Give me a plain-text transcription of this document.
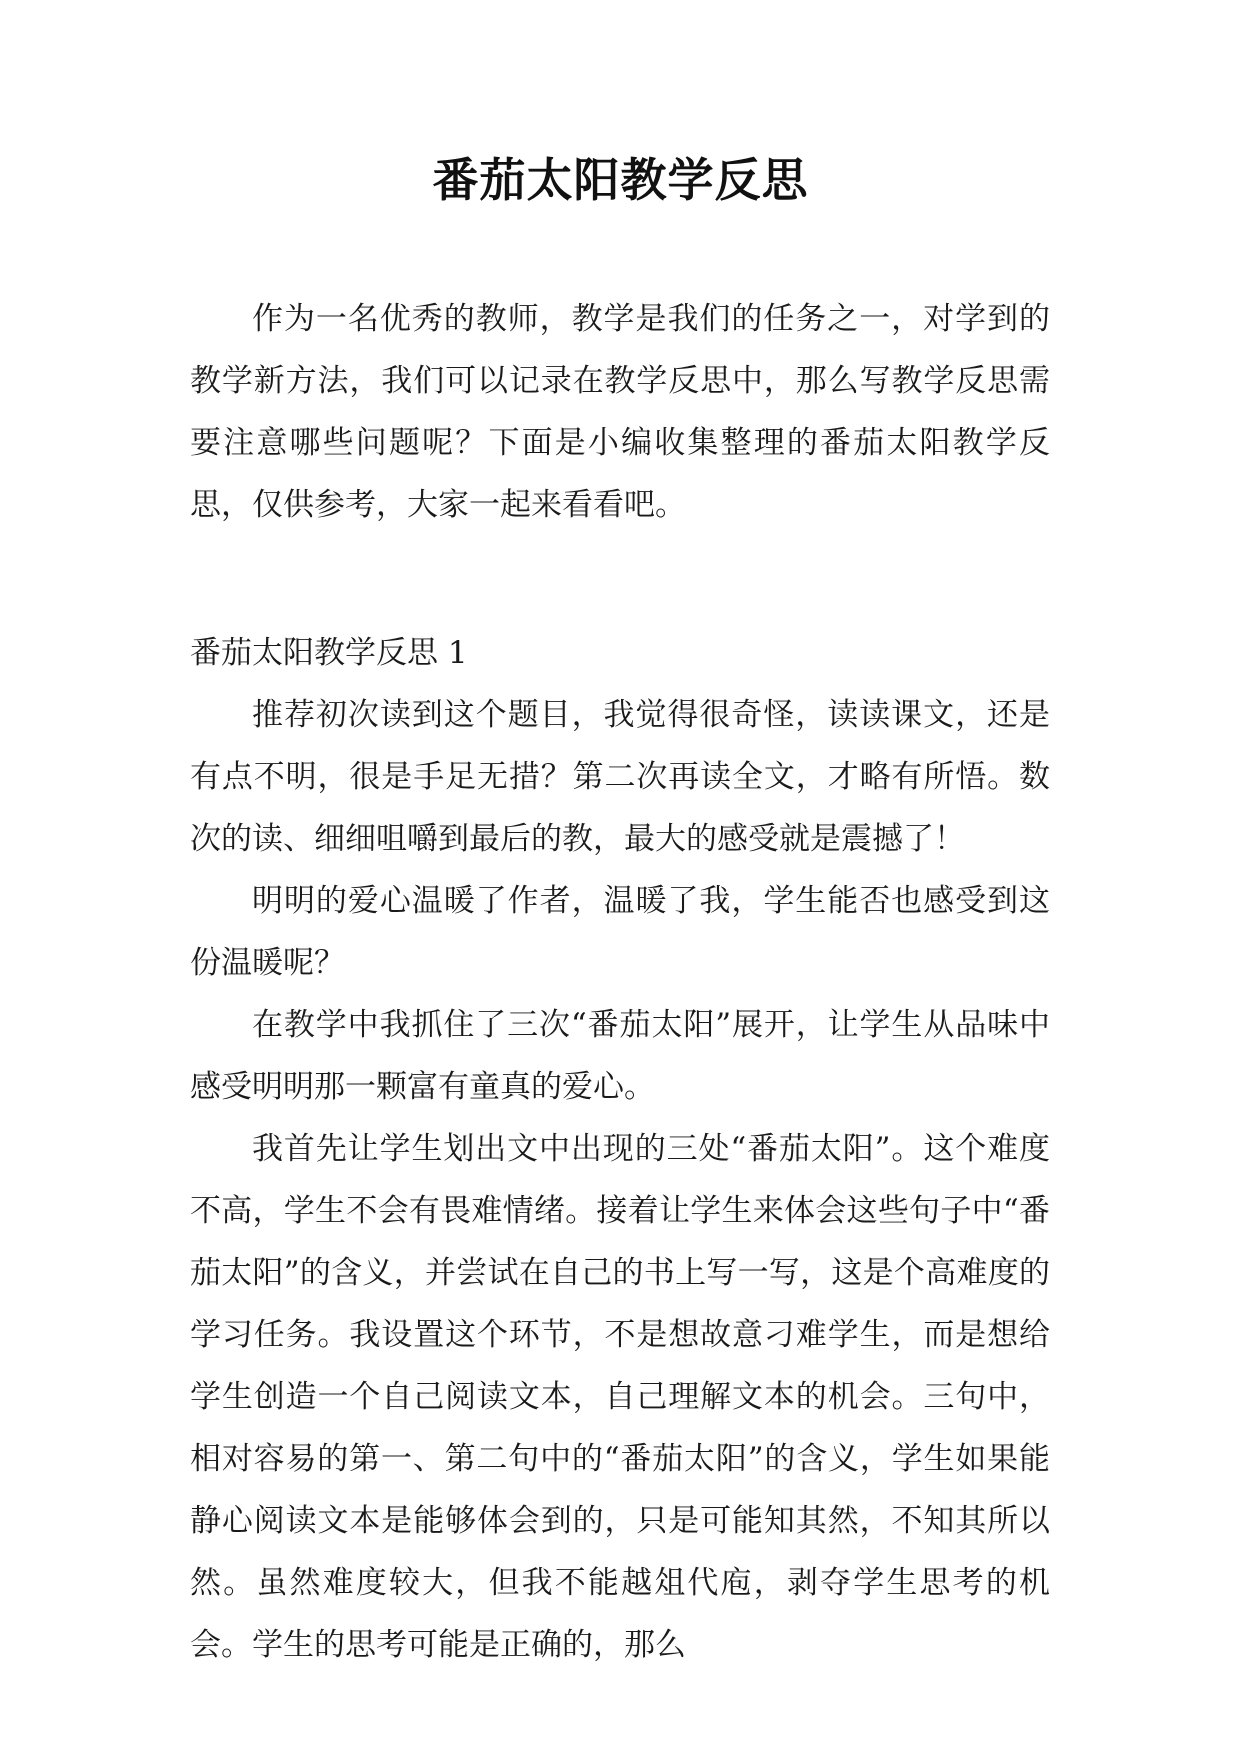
番茄太阳教学反思

作为一名优秀的教师，教学是我们的任务之一，对学到的教学新方法，我们可以记录在教学反思中，那么写教学反思需要注意哪些问题呢？下面是小编收集整理的番茄太阳教学反思，仅供参考，大家一起来看看吧。

番茄太阳教学反思 1

推荐初次读到这个题目，我觉得很奇怪，读读课文，还是有点不明，很是手足无措？第二次再读全文，才略有所悟。数次的读、细细咀嚼到最后的教，最大的感受就是震撼了！

明明的爱心温暖了作者，温暖了我，学生能否也感受到这份温暖呢？

在教学中我抓住了三次“番茄太阳”展开，让学生从品味中感受明明那一颗富有童真的爱心。

我首先让学生划出文中出现的三处“番茄太阳”。这个难度不高，学生不会有畏难情绪。接着让学生来体会这些句子中“番茄太阳”的含义，并尝试在自己的书上写一写，这是个高难度的学习任务。我设置这个环节，不是想故意刁难学生，而是想给学生创造一个自己阅读文本，自己理解文本的机会。三句中，相对容易的第一、第二句中的“番茄太阳”的含义，学生如果能静心阅读文本是能够体会到的，只是可能知其然，不知其所以然。虽然难度较大，但我不能越俎代庖，剥夺学生思考的机会。学生的思考可能是正确的，那么
